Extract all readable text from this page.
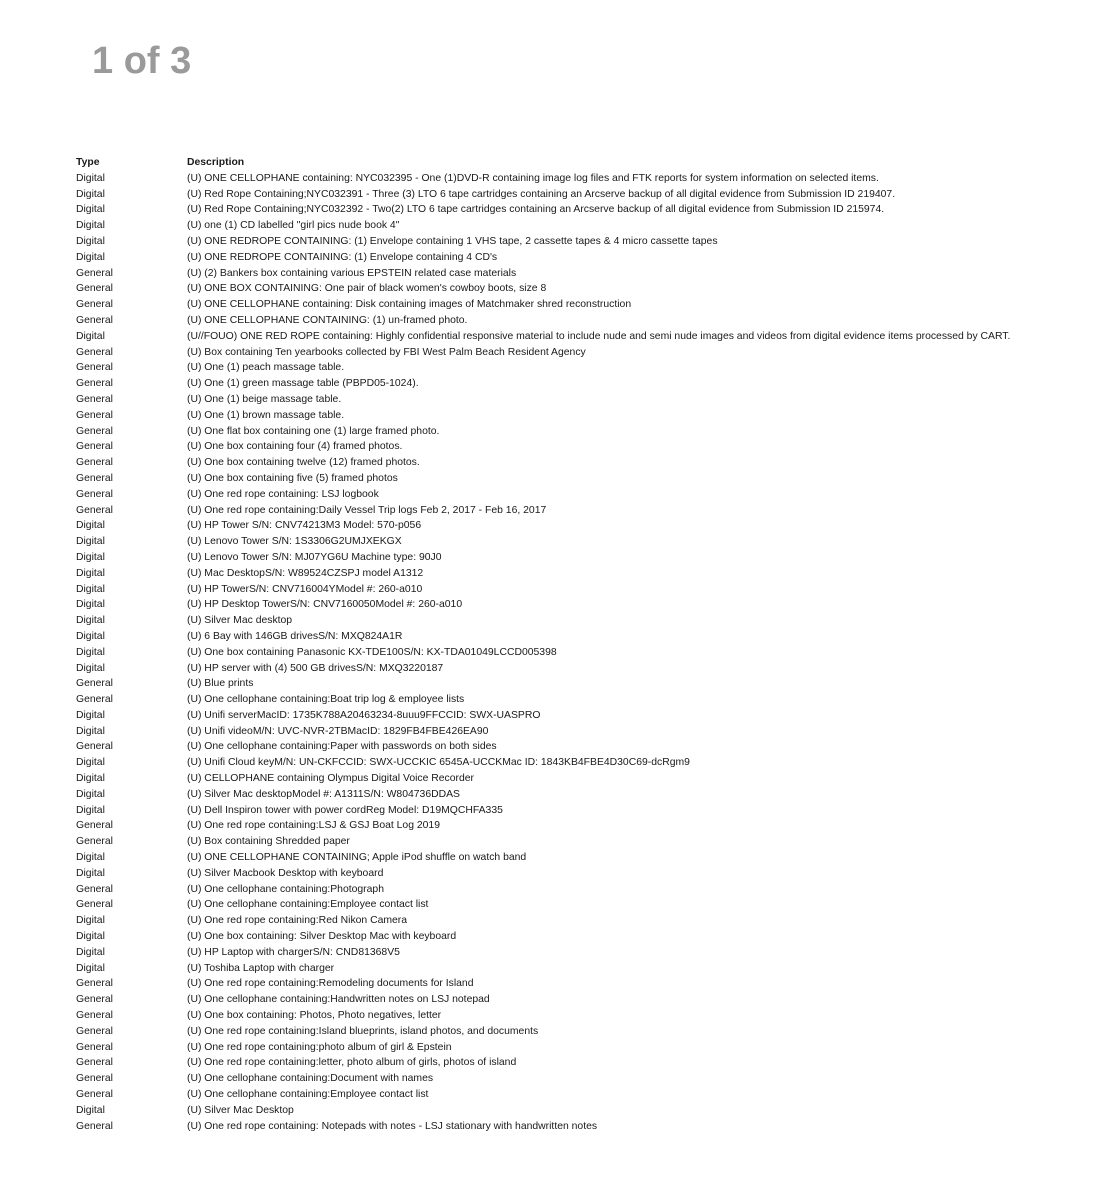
1 of 3
Type	Description
Digital	(U) ONE CELLOPHANE containing: NYC032395 - One (1)DVD-R containing image log files and FTK reports for system information on selected items.
Digital	(U) Red Rope Containing;NYC032391 - Three (3) LTO 6 tape cartridges containing an Arcserve backup of all digital evidence from Submission ID 219407.
Digital	(U) Red Rope Containing;NYC032392 - Two(2) LTO 6 tape cartridges containing an Arcserve backup of all digital evidence from Submission ID 215974.
Digital	(U) one (1) CD labelled "girl pics nude book 4"
Digital	(U) ONE REDROPE CONTAINING: (1) Envelope containing 1 VHS tape, 2 cassette tapes & 4 micro cassette tapes
Digital	(U) ONE REDROPE CONTAINING: (1) Envelope containing 4 CD's
General	(U) (2) Bankers box containing various EPSTEIN related case materials
General	(U) ONE BOX CONTAINING: One pair of black women's cowboy boots, size 8
General	(U) ONE CELLOPHANE containing: Disk containing images of Matchmaker shred reconstruction
General	(U) ONE CELLOPHANE CONTAINING: (1) un-framed photo.
Digital	(U//FOUO) ONE RED ROPE containing: Highly confidential responsive material to include nude and semi nude images and videos from digital evidence items processed by CART.
General	(U) Box containing Ten yearbooks collected by FBI West Palm Beach Resident Agency
General	(U) One (1) peach massage table.
General	(U) One (1) green massage table (PBPD05-1024).
General	(U) One (1) beige massage table.
General	(U) One (1) brown massage table.
General	(U) One flat box containing one (1) large framed photo.
General	(U) One box containing four (4) framed photos.
General	(U) One box containing twelve (12) framed photos.
General	(U) One box containing five (5) framed photos
General	(U) One red rope containing: LSJ logbook
General	(U) One red rope containing:Daily Vessel Trip logs Feb 2, 2017 - Feb 16, 2017
Digital	(U) HP Tower S/N: CNV74213M3 Model: 570-p056
Digital	(U) Lenovo Tower S/N: 1S3306G2UMJXEKGX
Digital	(U) Lenovo Tower S/N: MJ07YG6U Machine type: 90J0
Digital	(U) Mac DesktopS/N: W89524CZSPJ model A1312
Digital	(U) HP TowerS/N: CNV716004YModel #: 260-a010
Digital	(U) HP Desktop TowerS/N: CNV7160050Model #: 260-a010
Digital	(U) Silver Mac desktop
Digital	(U) 6 Bay with 146GB drivesS/N: MXQ824A1R
Digital	(U) One box containing Panasonic KX-TDE100S/N: KX-TDA01049LCCD005398
Digital	(U) HP server with (4) 500 GB drivesS/N: MXQ3220187
General	(U) Blue prints
General	(U) One cellophane containing:Boat trip log & employee lists
Digital	(U) Unifi serverMacID: 1735K788A20463234-8uuu9FFCCID: SWX-UASPRO
Digital	(U) Unifi videoM/N: UVC-NVR-2TBMacID: 1829FB4FBE426EA90
General	(U) One cellophane containing:Paper with passwords on both sides
Digital	(U) Unifi Cloud keyM/N: UN-CKFCCID: SWX-UCCKIC 6545A-UCCKMac ID: 1843KB4FBE4D30C69-dcRgm9
Digital	(U) CELLOPHANE containing Olympus Digital Voice Recorder
Digital	(U) Silver Mac desktopModel #: A1311S/N: W804736DDAS
Digital	(U) Dell Inspiron tower with power cordReg Model: D19MQCHFA335
General	(U) One red rope containing:LSJ & GSJ Boat Log 2019
General	(U) Box containing Shredded paper
Digital	(U) ONE CELLOPHANE CONTAINING; Apple iPod shuffle on watch band
Digital	(U) Silver Macbook Desktop with keyboard
General	(U) One cellophane containing:Photograph
General	(U) One cellophane containing:Employee contact list
Digital	(U) One red rope containing:Red Nikon Camera
Digital	(U) One box containing: Silver Desktop Mac with keyboard
Digital	(U) HP Laptop with chargerS/N: CND81368V5
Digital	(U) Toshiba Laptop with charger
General	(U) One red rope containing:Remodeling documents for Island
General	(U) One cellophane containing:Handwritten notes on LSJ notepad
General	(U) One box containing: Photos, Photo negatives, letter
General	(U) One red rope containing:Island blueprints, island photos, and documents
General	(U) One red rope containing:photo album of girl & Epstein
General	(U) One red rope containing:letter, photo album of girls, photos of island
General	(U) One cellophane containing:Document with names
General	(U) One cellophane containing:Employee contact list
Digital	(U) Silver Mac Desktop
General	(U) One red rope containing: Notepads with notes - LSJ stationary with handwritten notes
